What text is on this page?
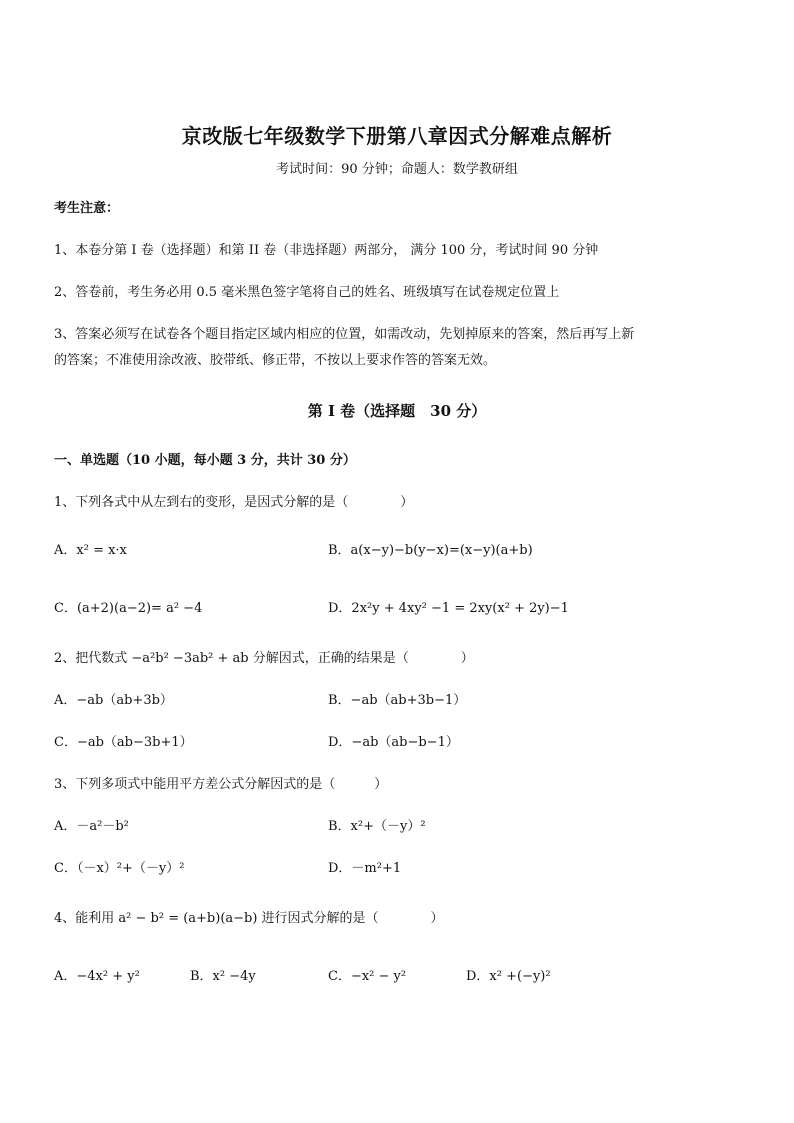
京改版七年级数学下册第八章因式分解难点解析
考试时间：90 分钟；命题人：数学教研组
考生注意：
1、本卷分第 I 卷（选择题）和第 II 卷（非选择题）两部分， 满分 100 分，考试时间 90 分钟
2、答卷前，考生务必用 0.5 毫米黑色签字笔将自己的姓名、班级填写在试卷规定位置上
3、答案必须写在试卷各个题目指定区域内相应的位置，如需改动，先划掉原来的答案，然后再写上新
的答案；不准使用涂改液、胶带纸、修正带，不按以上要求作答的答案无效。
第 I 卷（选择题　30 分）
一、单选题（10 小题，每小题 3 分，共计 30 分）
1、下列各式中从左到右的变形，是因式分解的是（　　　　）
A．x² = x·x	B．a(x−y)−b(y−x)=(x−y)(a+b)
C．(a+2)(a−2)= a² −4	D．2x²y + 4xy² −1 = 2xy(x² + 2y)−1
2、把代数式 −a²b² −3ab² + ab 分解因式，正确的结果是（　　　　）
A．−ab（ab+3b）	B．−ab（ab+3b−1）
C．−ab（ab−3b+1）	D．−ab（ab−b−1）
3、下列多项式中能用平方差公式分解因式的是（　　　）
A．－a²－b²	B．x²+（－y）²
C．（－x）²+（－y）²	D．－m²+1
4、能利用 a² − b² = (a+b)(a−b) 进行因式分解的是（　　　　）
A．−4x² + y²	B．x² −4y	C．−x² − y²	D．x² +(−y)²
